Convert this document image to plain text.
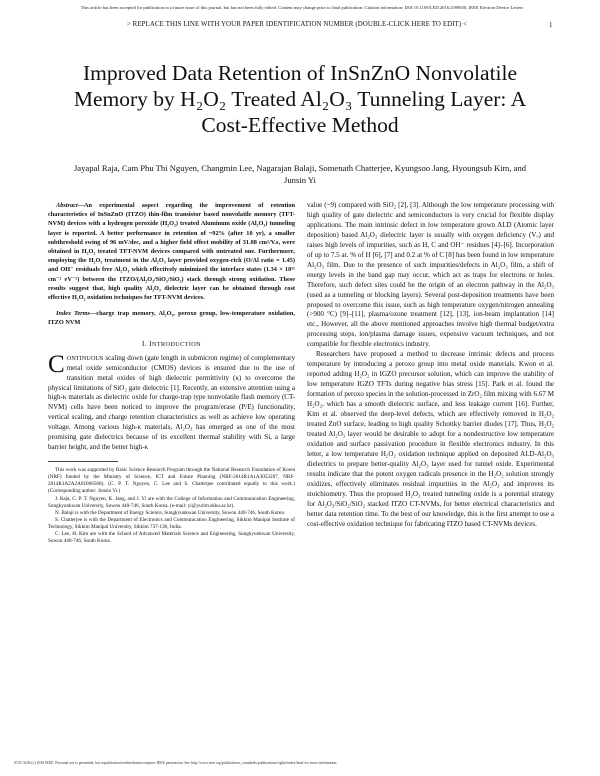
This article has been accepted for publication in a future issue of this journal, but has not been fully edited. Content may change prior to final publication. Citation information: DOI 10.1109/LED.2016.2599650, IEEE Electron Device Letters
> REPLACE THIS LINE WITH YOUR PAPER IDENTIFICATION NUMBER (DOUBLE-CLICK HERE TO EDIT) <	1
Improved Data Retention of InSnZnO Nonvolatile Memory by H₂O₂ Treated Al₂O₃ Tunneling Layer: A Cost-Effective Method
Jayapal Raja, Cam Phu Thi Nguyen, Changmin Lee, Nagarajan Balaji, Somenath Chatterjee, Kyungsoo Jang, Hyoungsub Kim, and Junsin Yi

Abstract—An experimental aspect regarding the improvement of retention characteristics of InSnZnO (ITZO) thin-film transistor based nonvolatile memory (TFT-NVM) devices with a hydrogen peroxide (H₂O₂) treated Aluminum oxide (Al₂O₃) tunneling layer is reported. A better performance in retention of ~92% (after 10 yr), a smaller subthreshold swing of 96 mV/dec, and a higher field effect mobility of 31.08 cm²/V.s, were obtained in H₂O₂ treated TFT-NVM devices compared with untreated one. Furthermore, employing the H₂O₂ treatment in the Al₂O₃ layer provided oxygen-rich (O/Al ratio = 1.45) and OH⁻ residuals free Al₂O₃ which effectively minimized the interface states (1.34 × 10¹¹ cm⁻² eV⁻¹) between the ITZO/(Al₂O₃/SiO₂/SiO₂) stack through strong oxidation. These results suggest that, high quality Al₂O₃ dielectric layer can be obtained through cost effective H₂O₂ oxidation techniques for TFT-NVM devices.

Index Terms—charge trap memory, Al₂O₃, peroxo group, low-temperature oxidation, ITZO NVM

I. INTRODUCTION

CONTINUOUS scaling down (gate length in submicron regime) of complementary metal oxide semiconductor (CMOS) devices is ensured due to the use of transition metal oxides of high dielectric permittivity (κ) to overcome the physical limitations of SiO₂ gate dielectric [1]. Recently, an extensive attention using a high-κ materials as dielectric oxide for charge-trap type nonvolatile flash memory (CT-NVM) cells have been noticed to improve the program/erase (P/E) functionality, vertical scaling, and charge retention characteristics as well as achieve low operating voltage. Among various high-κ materials, Al₂O₃ has emerged as one of the most promising gate dielectrics because of its excellent thermal stability with Si, a large barrier height, and the better high-κ

This work was supported by Basic Science Research Program through the National Research Foundation of Korea (NRF) funded by the Ministry of Science, ICT and Future Planning (NRF-2014R1A1A3053287, NRF-2014R1A2A2A01006568). (C. P. T. Nguyen, C. Lee and S. Chatterjee contributed equally to this work.) (Corresponding author: Junsin Yi.)

J. Raja, C. P. T. Nguyen, K. Jang, and J. Yi are with the College of Information and Communication Engineering, Sungkyunkwan University, Suwon 440-746, South Korea. (e-mail: yi@yurim.skku.ac.kr).

N. Balaji is with the Department of Energy Science, Sungkyunkwan University, Suwon 440-746, South Korea.

S. Chatterjee is with the Department of Electronics and Communication Engineering, Sikkim Manipal Institute of Technology, Sikkim Manipal University, Sikkim 737-136, India.

C. Lee, H. Kim are with the School of Advanced Materials Science and Engineering, Sungkyunkwan University, Suwon 440-746, South Korea.

value (~9) compared with SiO₂ [2], [3]. Although the low temperature processing with high quality of gate dielectric and semiconductors is very crucial for flexible display applications. The main intrinsic defect in low temperature grown ALD (Atomic layer deposition) based Al₂O₃ dielectric layer is usually with oxygen deficiency (Vₒ) and raises high levels of impurities, such as H, C and OH⁻ residues [4]–[6]. Incorporation of up to 7.5 at. % of H [6], [7] and 0.2 at % of C [8] has been found in low temperature Al₂O₃ film. Due to the presence of such impurities/defects in Al₂O₃ film, a shift of energy levels in the band gap may occur, which act as traps for electrons or holes. Therefore, such defect sites could be the origin of an electron pathway in the Al₂O₃ (used as a tunneling or blocking layers). Several post-deposition treatments have been proposed to overcome this issue, such as high temperature oxygen/nitrogen annealing (>900 °C) [9]–[11], plasma/ozone treatment [12], [13], ion-beam implantation [14] etc., However, all the above mentioned approaches involve high thermal budget/extra processing steps, ion/plasma damage issues, expensive vacuum techniques, and not compatible for flexible electronics industry.

Researchers have proposed a method to decrease intrinsic defects and process temperature by introducing a peroxo group into metal oxide materials. Kwon et al. reported adding H₂O₂ in IGZO precursor solution, which can improve the stability of low temperature IGZO TFTs during negative bias stress [15]. Park et al. found the formation of peroxo species in the solution-processed in ZrO₂ film mixing with 6.67 M H₂O₂, which has a smooth dielectric surface, and less leakage current [16]. Further, Kim et al. observed the deep-level defects, which are effectively removed in H₂O₂ treated ZnO surface, leading to high quality Schottky barrier diodes [17]. Thus, H₂O₂ treated Al₂O₃ layer would be desirable to adopt for a nondestructive low temperature oxidation and surface passivation procedure in flexible electronics industry. In this letter, a low temperature H₂O₂ oxidation technique applied on deposited ALD-Al₂O₃ dielectrics to prepare better-quality Al₂O₃ layer used for tunnel oxide. Experimental results indicate that the potent oxygen radicals presence in the H₂O₂ solution strongly oxidizes, effectively eliminates residual impurities in the Al₂O₃ and improves its stoichiometry. Thus the proposed H₂O₂ treated tunneling oxide is a potential strategy for Al₂O₃/SiO₂/SiO₂ stacked ITZO CT-NVMs, for better electrical characteristics and better data retention time. To the best of our knowledge, this is the first attempt to use a cost-effective oxidation technique for fabricating ITZO based CT-NVMs devices.

0741-3106 (c) 2016 IEEE. Personal use is permitted, but republication/redistribution requires IEEE permission. See http://www.ieee.org/publications_standards/publications/rights/index.html for more information.
